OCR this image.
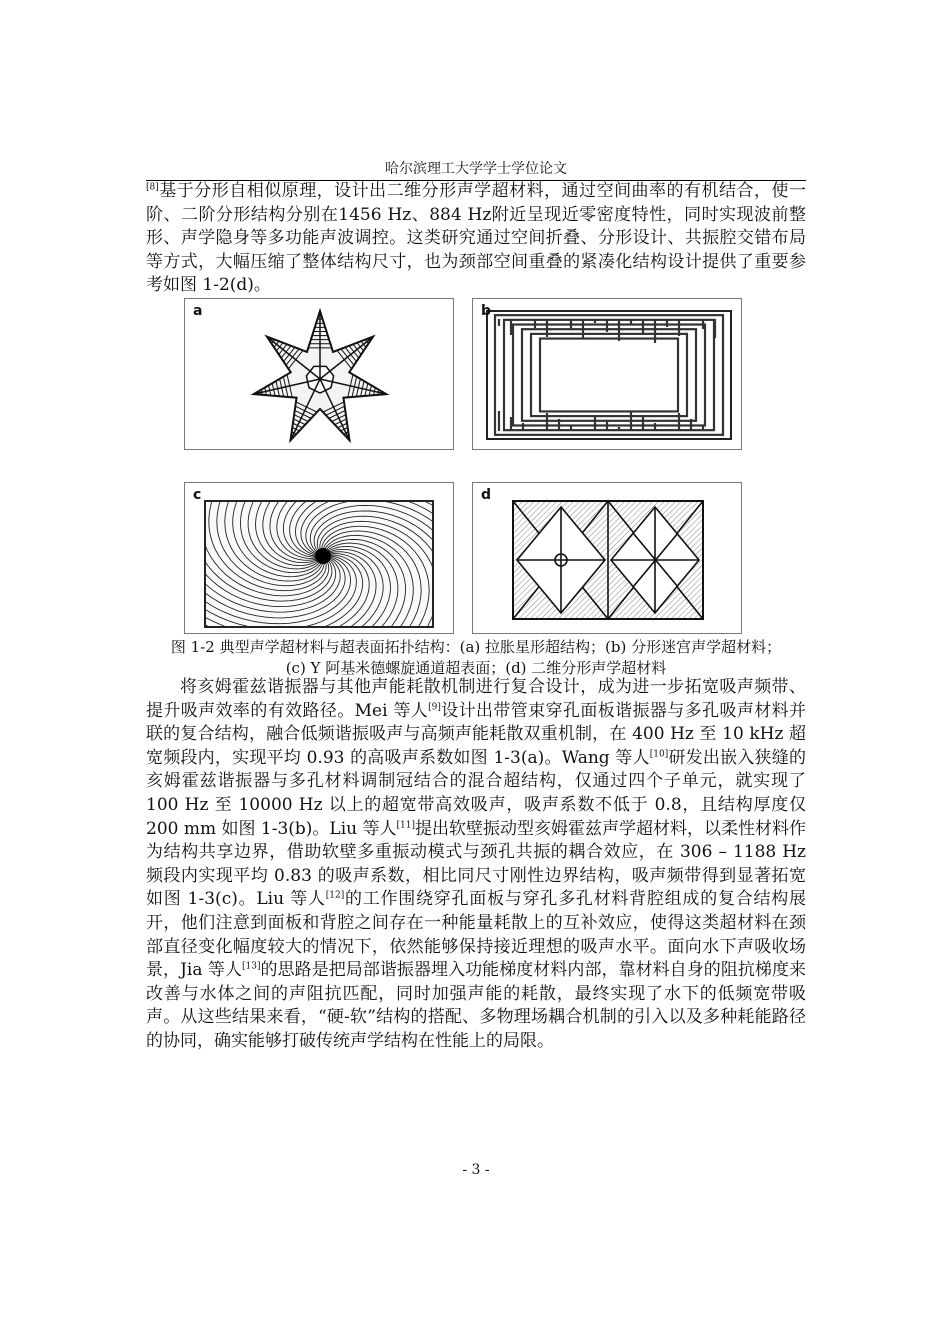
哈尔滨理工大学学士学位论文

[8]基于分形自相似原理，设计出二维分形声学超材料，通过空间曲率的有机结合，使一阶、二阶分形结构分别在1456 Hz、884 Hz附近呈现近零密度特性，同时实现波前整形、声学隐身等多功能声波调控。这类研究通过空间折叠、分形设计、共振腔交错布局等方式，大幅压缩了整体结构尺寸，也为颈部空间重叠的紧凑化结构设计提供了重要参考如图 1-2(d)。

a	b
c	d
图 1-2 典型声学超材料与超表面拓扑结构：(a) 拉胀星形超结构；(b) 分形迷宫声学超材料；
(c) Y 阿基米德螺旋通道超表面；(d) 二维分形声学超材料

将亥姆霍兹谐振器与其他声能耗散机制进行复合设计，成为进一步拓宽吸声频带、提升吸声效率的有效路径。Mei 等人[9]设计出带管束穿孔面板谐振器与多孔吸声材料并联的复合结构，融合低频谐振吸声与高频声能耗散双重机制，在 400 Hz 至 10 kHz 超宽频段内，实现平均 0.93 的高吸声系数如图 1-3(a)。Wang 等人[10]研发出嵌入狭缝的亥姆霍兹谐振器与多孔材料调制冠结合的混合超结构，仅通过四个子单元，就实现了 100 Hz 至 10000 Hz 以上的超宽带高效吸声，吸声系数不低于 0.8，且结构厚度仅 200 mm 如图 1-3(b)。Liu 等人[11]提出软壁振动型亥姆霍兹声学超材料，以柔性材料作为结构共享边界，借助软壁多重振动模式与颈孔共振的耦合效应，在 306 – 1188 Hz 频段内实现平均 0.83 的吸声系数，相比同尺寸刚性边界结构，吸声频带得到显著拓宽如图 1-3(c)。Liu 等人[12]的工作围绕穿孔面板与穿孔多孔材料背腔组成的复合结构展开，他们注意到面板和背腔之间存在一种能量耗散上的互补效应，使得这类超材料在颈部直径变化幅度较大的情况下，依然能够保持接近理想的吸声水平。面向水下声吸收场景，Jia 等人[13]的思路是把局部谐振器埋入功能梯度材料内部，靠材料自身的阻抗梯度来改善与水体之间的声阻抗匹配，同时加强声能的耗散，最终实现了水下的低频宽带吸声。从这些结果来看，“硬-软”结构的搭配、多物理场耦合机制的引入以及多种耗能路径的协同，确实能够打破传统声学结构在性能上的局限。

- 3 -
